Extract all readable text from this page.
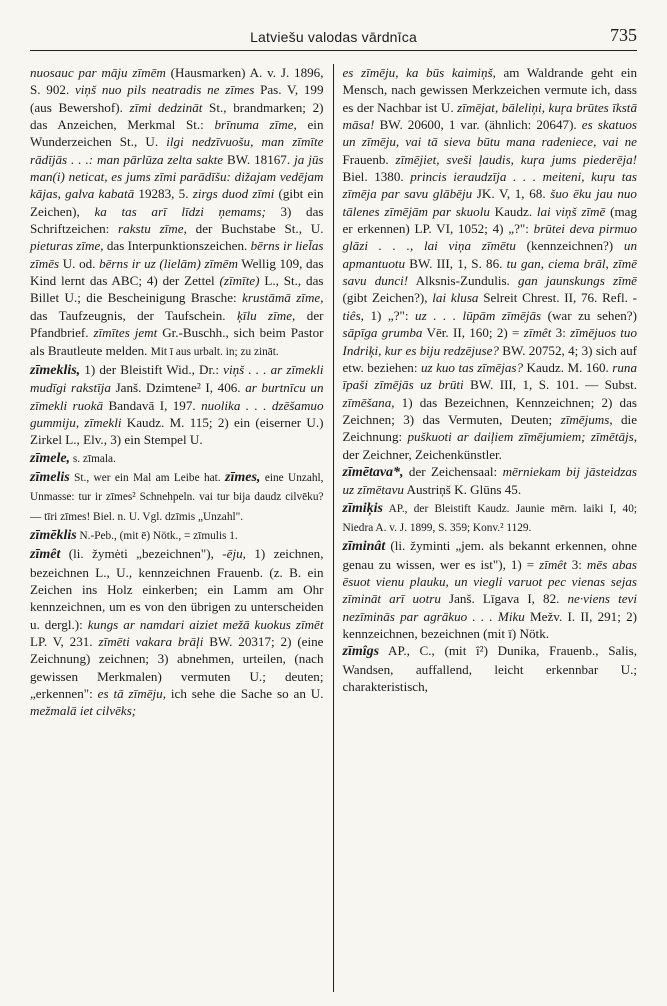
Latviešu valodas vārdnīca	735

nuosauc par māju zīmēm (Hausmarken) A. v. J. 1896, S. 902. viņš nuo pils neatradis ne zīmes Pas. V, 199 (aus Bewershof). zīmi dedzināt St., brandmarken; 2) das Anzeichen, Merkmal St.: brīnuma zīme, ein Wunderzeichen St., U. ilgi nedzīvuošu, man zīmīte rādījās . . .: man pārlūza zelta sakte BW. 18167. ja jūs man(i) neticat, es jums zīmi parādīšu: dižajam vedējam kājas, galva kabatā 19283, 5. zirgs duod zīmi (gibt ein Zeichen), ka tas arī līdzi ņemams; 3) das Schriftzeichen: rakstu zīme, der Buchstabe St., U. pieturas zīme, das Interpunktionszeichen. bērns ir liel̄as zīmēs U. od. bērns ir uz (lielām) zīmēm Wellig 109, das Kind lernt das ABC; 4) der Zettel (zīmīte) L., St., das Billet U.; die Bescheinigung Brasche: krustāmā zīme, das Taufzeugnis, der Taufschein. ķīlu zīme, der Pfandbrief. zīmītes jemt Gr.-Buschh., sich beim Pastor als Brautleute melden. Mit ī aus urbalt. in; zu zināt.

zīmeklis, 1) der Bleistift Wid., Dr.: viņš . . . ar zīmekli mudīgi rakstīja Janš. Dzimtene² I, 406. ar burtnīcu un zīmekli ruokā Bandavā I, 197. nuolika . . . dzēšamuo gummiju, zīmekli Kaudz. M. 115; 2) ein (eiserner U.) Zirkel L., Elv., 3) ein Stempel U.

zīmele, s. zīmala.

zīmelis St., wer ein Mal am Leibe hat. zīmes, eine Unzahl, Unmasse: tur ir zīmes² Schnehpeln. vai tur bija daudz cilvēku? — tīri zīmes! Biel. n. U. Vgl. dzīmis „Unzahl".

zīmēklis N.-Peb., (mit ē) Nötk., = zīmulis 1.

zīmêt (li. žymėti „bezeichnen"), -ēju, 1) zeichnen, bezeichnen L., U., kennzeichnen Frauenb. (z. B. ein Zeichen ins Holz einkerben; ein Lamm am Ohr kennzeichnen, um es von den übrigen zu unterscheiden u. dergl.): kungs ar namdari aiziet mežā kuokus zīmēt LP. V, 231. zīmēti vakara brāļi BW. 20317; 2) (eine Zeichnung) zeichnen; 3) abnehmen, urteilen, (nach gewissen Merkmalen) vermuten U.; deuten; „erkennen": es tā zīmēju, ich sehe die Sache so an U. mežmalā iet cilvēks;

es zīmēju, ka būs kaimiņš, am Waldrande geht ein Mensch, nach gewissen Merkzeichen vermute ich, dass es der Nachbar ist U. zīmējat, bāleliņi, kuŗa brūtes īkstā māsa! BW. 20600, 1 var. (ähnlich: 20647). es skatuos un zīmēju, vai tā sieva būtu mana radeniece, vai ne Frauenb. zīmējiet, sveši ļaudis, kuŗa jums piederēja! Biel. 1380. princis ieraudzīja . . . meiteni, kuŗu tas zīmēja par savu glābēju JK. V, 1, 68. šuo ēku jau nuo tālenes zīmējām par skuolu Kaudz. lai viņš zīmē (mag er erkennen) LP. VI, 1052; 4) „?": brūtei deva pirmuo glāzi . . ., lai viņa zīmētu (kennzeichnen?) un apmantuotu BW. III, 1, S. 86. tu gan, ciema brāl, zīmē savu dunci! Alksnis-Zundulis. gan jaunskungs zīmē (gibt Zeichen?), lai klusa Selreit Chrest. II, 76. Refl. -tiês, 1) „?": uz . . . lūpām zīmējās (war zu sehen?) sāpīga grumba Vēr. II, 160; 2) = zīmêt 3: zīmējuos tuo Indriķi, kur es biju redzējuse? BW. 20752, 4; 3) sich auf etw. beziehen: uz kuo tas zīmējas? Kaudz. M. 160. runa īpaši zīmējās uz brūti BW. III, 1, S. 101. — Subst. zīmēšana, 1) das Bezeichnen, Kennzeichnen; 2) das Zeichnen; 3) das Vermuten, Deuten; zīmējums, die Zeichnung: puškuoti ar daiļiem zīmējumiem; zīmētājs, der Zeichner, Zeichenkünstler.

zīmētava*, der Zeichensaal: mērniekam bij jāsteidzas uz zīmētavu Austriņš K. Glūns 45.

zīmiķis AP., der Bleistift Kaudz. Jaunie mērn. laiki I, 40; Niedra A. v. J. 1899, S. 359; Konv.² 1129.

zīminât (li. žyminti „jem. als bekannt erkennen, ohne genau zu wissen, wer es ist"), 1) = zīmêt 3: mēs abas ēsuot vienu plauku, un viegli varuot pec vienas sejas zīmināt arī uotru Janš. Līgava I, 82. ne·viens tevi nezīminās par agrākuo . . . Miku Mežv. I. II, 291; 2) kennzeichnen, bezeichnen (mit ī) Nötk.

zīmîgs AP., C., (mit î²) Dunika, Frauenb., Salis, Wandsen, auffallend, leicht erkennbar U.; charakteristisch,
